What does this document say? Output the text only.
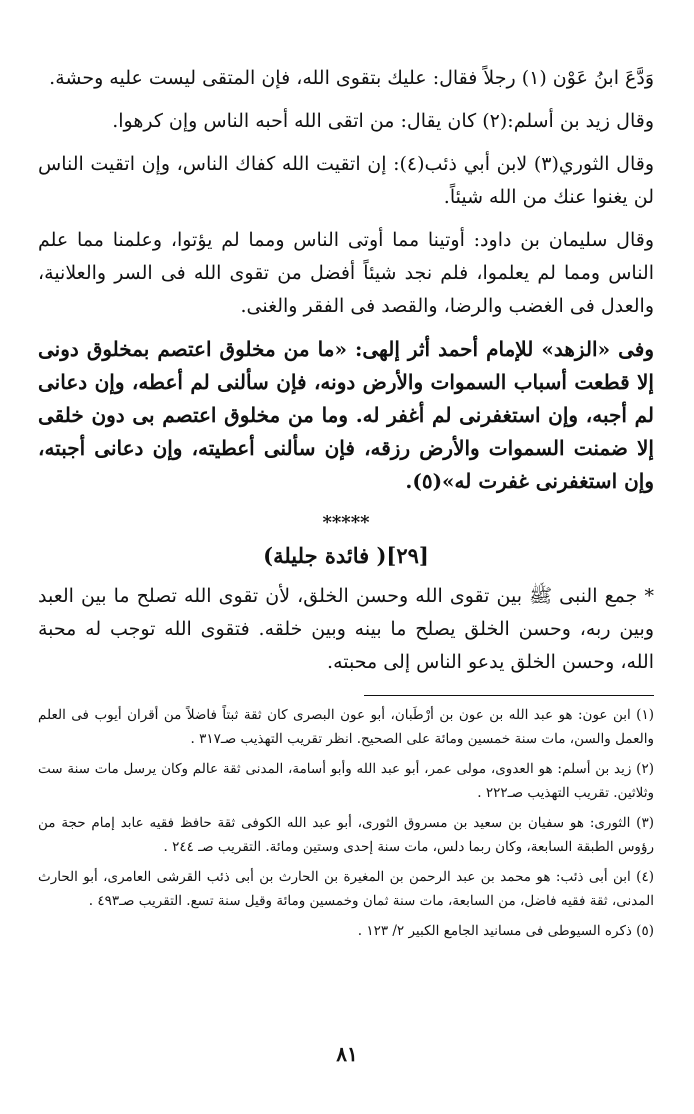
وَدَّعَ ابنُ عَوْن (١) رجلاً فقال: عليك بتقوى الله، فإن المتقى ليست عليه وحشة.

وقال زيد بن أسلم:(٢) كان يقال: من اتقى الله أحبه الناس وإن كرهوا.

وقال الثوري(٣) لابن أبي ذئب(٤): إن اتقيت الله كفاك الناس، وإن اتقيت الناس لن يغنوا عنك من الله شيئاً.

وقال سليمان بن داود: أوتينا مما أوتى الناس ومما لم يؤتوا، وعلمنا مما علم الناس ومما لم يعلموا، فلم نجد شيئاً أفضل من تقوى الله فى السر والعلانية، والعدل فى الغضب والرضا، والقصد فى الفقر والغنى.

وفى «الزهد» للإمام أحمد أثر إلهى: «ما من مخلوق اعتصم بمخلوق دونى إلا قطعت أسباب السموات والأرض دونه، فإن سألنى لم أعطه، وإن دعانى لم أجبه، وإن استغفرنى لم أغفر له. وما من مخلوق اعتصم بى دون خلقى إلا ضمنت السموات والأرض رزقه، فإن سألنى أعطيته، وإن دعانى أجبته، وإن استغفرنى غفرت له»(٥).

*****
[٢٩]( فائدة جليلة)

* جمع النبى ﷺ بين تقوى الله وحسن الخلق، لأن تقوى الله تصلح ما بين العبد وبين ربه، وحسن الخلق يصلح ما بينه وبين خلقه. فتقوى الله توجب له محبة الله، وحسن الخلق يدعو الناس إلى محبته.

(١) ابن عون: هو عبد الله بن عون بن أرْطَبان، أبو عون البصرى كان ثقة ثبتاً فاضلاً من أقران أيوب فى العلم والعمل والسن، مات سنة خمسين ومائة على الصحيح. انظر تقريب التهذيب صـ٣١٧ .

(٢) زيد بن أسلم: هو العدوى، مولى عمر، أبو عبد الله وأبو أسامة، المدنى ثقة عالم وكان يرسل مات سنة ست وثلاثين. تقريب التهذيب صـ٢٢٢ .

(٣) الثورى: هو سفيان بن سعيد بن مسروق الثورى، أبو عبد الله الكوفى ثقة حافظ فقيه عابد إمام حجة من رؤوس الطبقة السابعة، وكان ربما دلس، مات سنة إحدى وستين ومائة. التقريب صـ ٢٤٤ .

(٤) ابن أبى ذئب: هو محمد بن عبد الرحمن بن المغيرة بن الحارث بن أبى ذئب القرشى العامرى، أبو الحارث المدنى، ثقة فقيه فاضل، من السابعة، مات سنة ثمان وخمسين ومائة وقيل سنة تسع. التقريب صـ٤٩٣ .

(٥) ذكره السيوطى فى مسانيد الجامع الكبير ٢/ ١٢٣ .

٨١
